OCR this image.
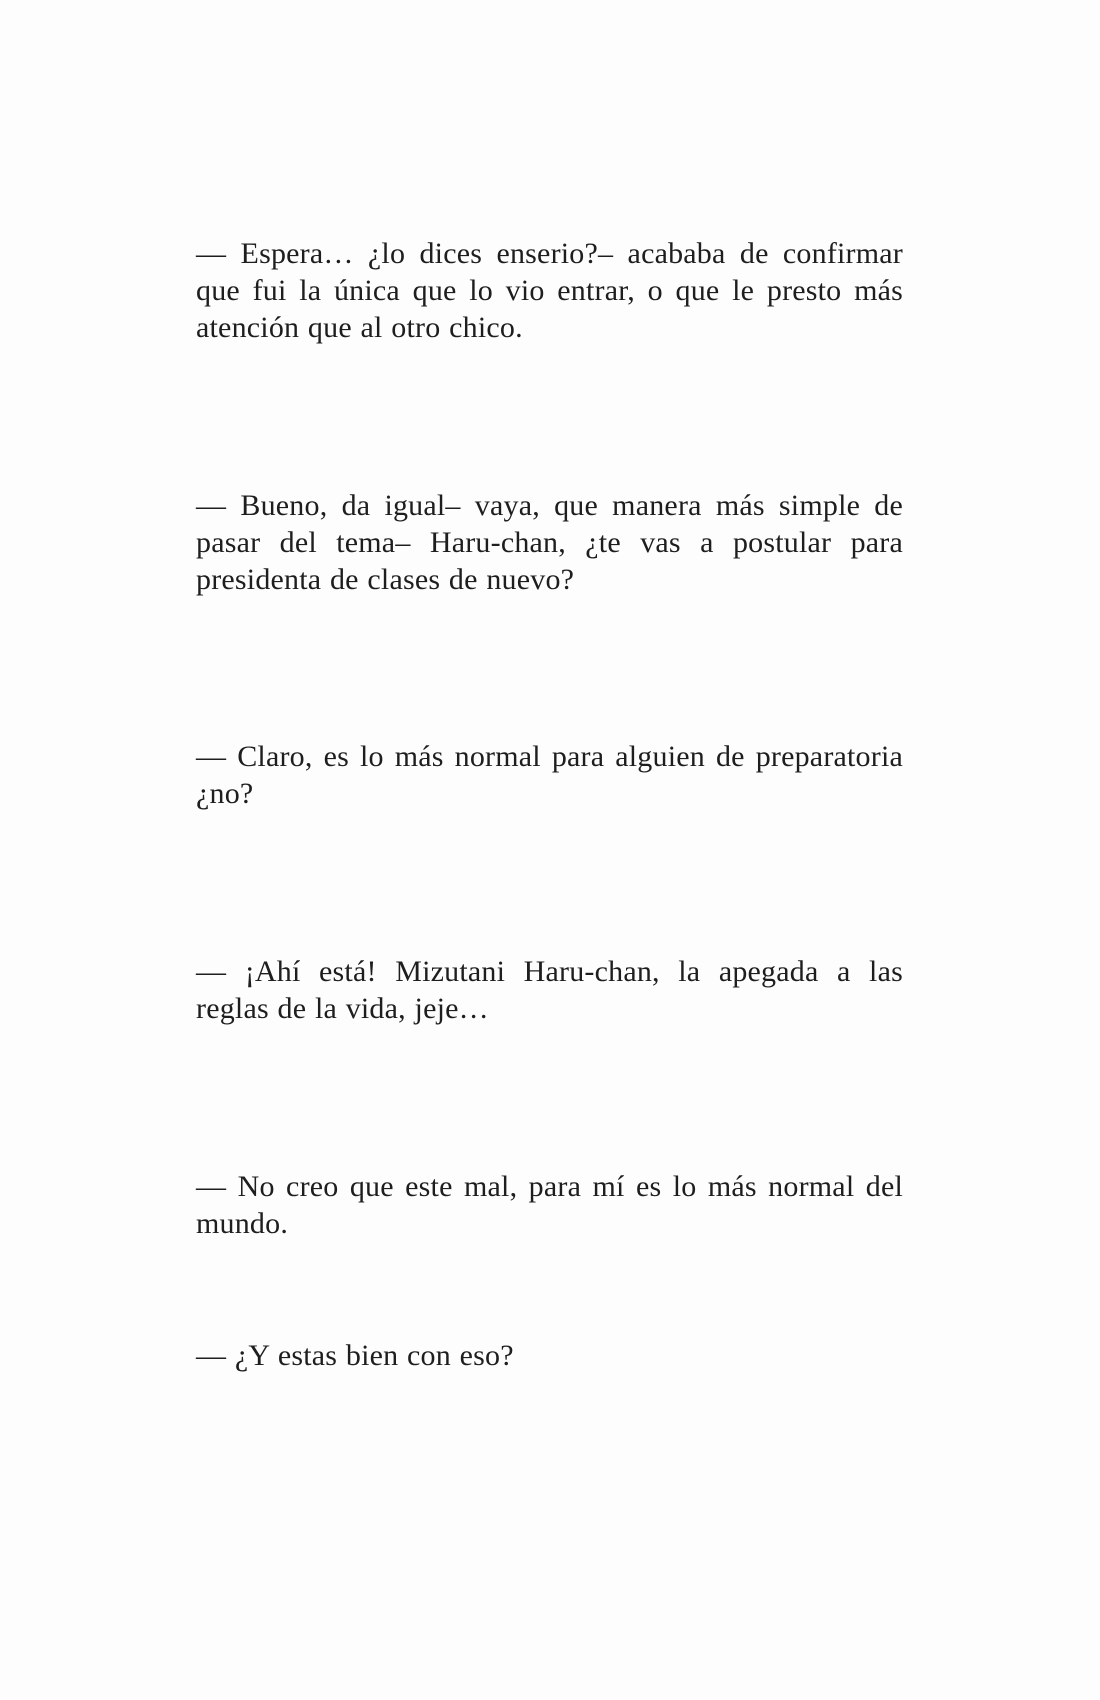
— Espera… ¿lo dices enserio?– acababa de confirmar que fui la única que lo vio entrar, o que le presto más atención que al otro chico.

— Bueno, da igual– vaya, que manera más simple de pasar del tema– Haru-chan, ¿te vas a postular para presidenta de clases de nuevo?

— Claro, es lo más normal para alguien de preparatoria ¿no?

— ¡Ahí está! Mizutani Haru-chan, la apegada a las reglas de la vida, jeje…

— No creo que este mal, para mí es lo más normal del mundo.

— ¿Y estas bien con eso?
